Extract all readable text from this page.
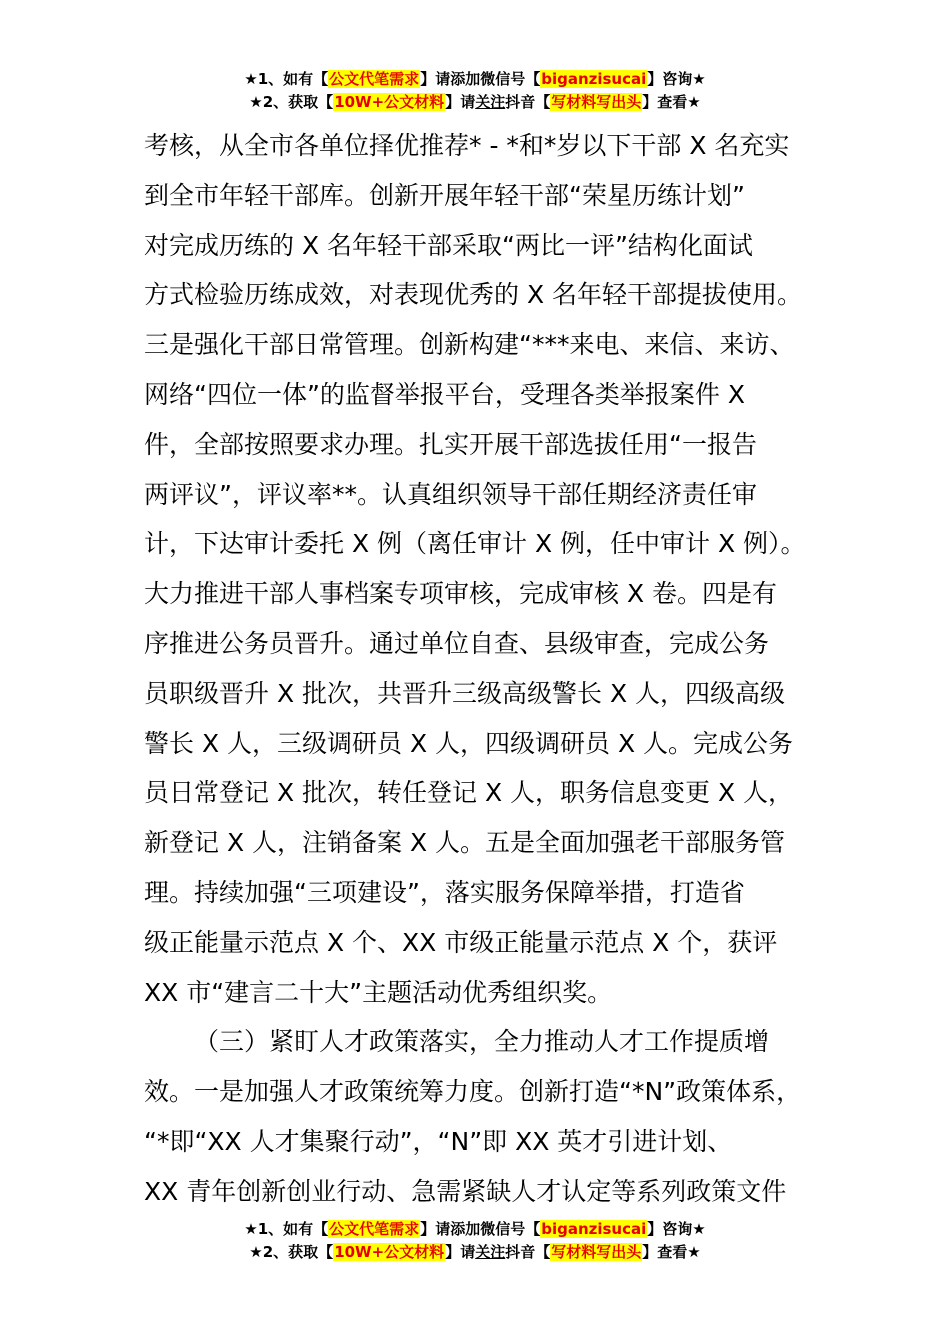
★1、如有【公文代笔需求】请添加微信号【biganzisucai】咨询★
★2、获取【10W+公文材料】请关注抖音【写材料写出头】查看★
考核，从全市各单位择优推荐* - *和*岁以下干部 X 名充实
到全市年轻干部库。创新开展年轻干部“荣星历练计划”
对完成历练的 X 名年轻干部采取“两比一评”结构化面试
方式检验历练成效，对表现优秀的 X 名年轻干部提拔使用。
三是强化干部日常管理。创新构建“***来电、来信、来访、
网络“四位一体”的监督举报平台，受理各类举报案件 X
件，全部按照要求办理。扎实开展干部选拔任用“一报告
两评议”，评议率**。认真组织领导干部任期经济责任审
计，下达审计委托 X 例（离任审计 X 例，任中审计 X 例）。
大力推进干部人事档案专项审核，完成审核 X 卷。四是有
序推进公务员晋升。通过单位自查、县级审查，完成公务
员职级晋升 X 批次，共晋升三级高级警长 X 人，四级高级
警长 X 人，三级调研员 X 人，四级调研员 X 人。完成公务
员日常登记 X 批次，转任登记 X 人，职务信息变更 X 人，
新登记 X 人，注销备案 X 人。五是全面加强老干部服务管
理。持续加强“三项建设”，落实服务保障举措，打造省
级正能量示范点 X 个、XX 市级正能量示范点 X 个，获评
XX 市“建言二十大”主题活动优秀组织奖。
（三）紧盯人才政策落实，全力推动人才工作提质增
效。一是加强人才政策统筹力度。创新打造“*N”政策体系，
“*即“XX 人才集聚行动”，“N”即 XX 英才引进计划、
XX 青年创新创业行动、急需紧缺人才认定等系列政策文件
★1、如有【公文代笔需求】请添加微信号【biganzisucai】咨询★
★2、获取【10W+公文材料】请关注抖音【写材料写出头】查看★
